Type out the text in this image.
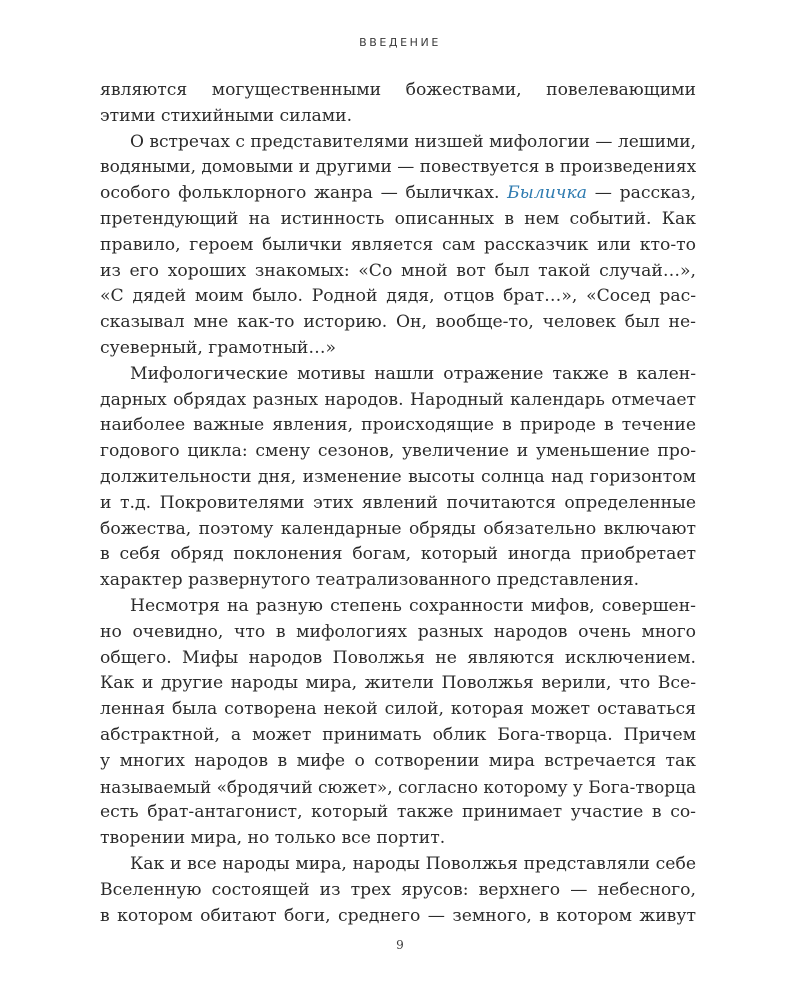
ВВЕДЕНИЕ
являются могущественными божествами, повелевающими
этими стихийными силами.
О встречах с представителями низшей мифологии — лешими,
водяными, домовыми и другими — повествуется в произведениях
особого фольклорного жанра — быличках. Быличка — рассказ,
претендующий на истинность описанных в нем событий. Как
правило, героем былички является сам рассказчик или кто-то
из его хороших знакомых: «Со мной вот был такой случай…»,
«С дядей моим было. Родной дядя, отцов брат…», «Сосед рас-
сказывал мне как-то историю. Он, вообще-то, человек был не-
суеверный, грамотный…»
Мифологические мотивы нашли отражение также в кален-
дарных обрядах разных народов. Народный календарь отмечает
наиболее важные явления, происходящие в природе в течение
годового цикла: смену сезонов, увеличение и уменьшение про-
должительности дня, изменение высоты солнца над горизонтом
и т.д. Покровителями этих явлений почитаются определенные
божества, поэтому календарные обряды обязательно включают
в себя обряд поклонения богам, который иногда приобретает
характер развернутого театрализованного представления.
Несмотря на разную степень сохранности мифов, совершен-
но очевидно, что в мифологиях разных народов очень много
общего. Мифы народов Поволжья не являются исключением.
Как и другие народы мира, жители Поволжья верили, что Все-
ленная была сотворена некой силой, которая может оставаться
абстрактной, а может принимать облик Бога-творца. Причем
у многих народов в мифе о сотворении мира встречается так
называемый «бродячий сюжет», согласно которому у Бога-творца
есть брат-антагонист, который также принимает участие в со-
творении мира, но только все портит.
Как и все народы мира, народы Поволжья представляли себе
Вселенную состоящей из трех ярусов: верхнего — небесного,
в котором обитают боги, среднего — земного, в котором живут
9
